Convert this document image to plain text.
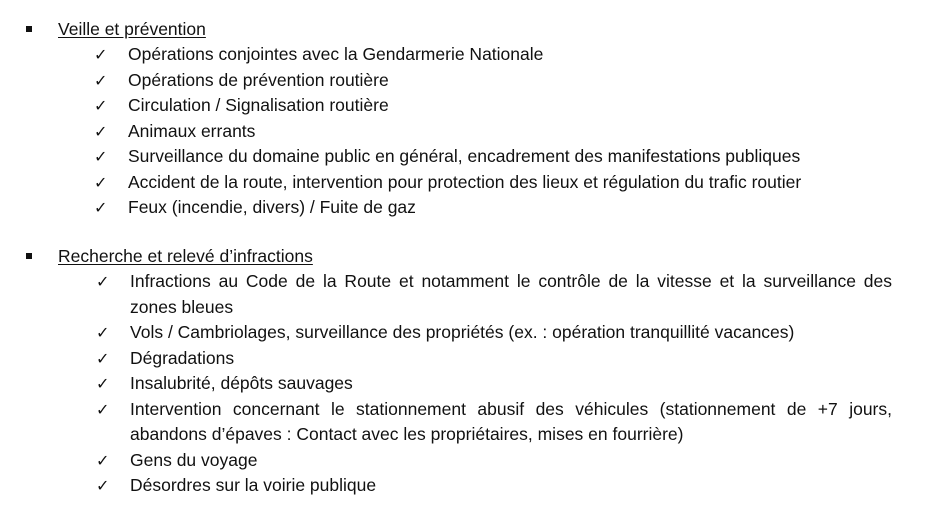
Veille et prévention
✓ Opérations conjointes avec la Gendarmerie Nationale
✓ Opérations de prévention routière
✓ Circulation / Signalisation routière
✓ Animaux errants
✓ Surveillance du domaine public en général, encadrement des manifestations publiques
✓ Accident de la route, intervention pour protection des lieux et régulation du trafic routier
✓ Feux (incendie, divers) / Fuite de gaz
Recherche et relevé d’infractions
✓ Infractions au Code de la Route et notamment le contrôle de la vitesse et la surveillance des zones bleues
✓ Vols / Cambriolages, surveillance des propriétés (ex. : opération tranquillité vacances)
✓ Dégradations
✓ Insalubrité, dépôts sauvages
✓ Intervention concernant le stationnement abusif des véhicules (stationnement de +7 jours, abandons d’épaves : Contact avec les propriétaires, mises en fourrière)
✓ Gens du voyage
✓ Désordres sur la voirie publique
